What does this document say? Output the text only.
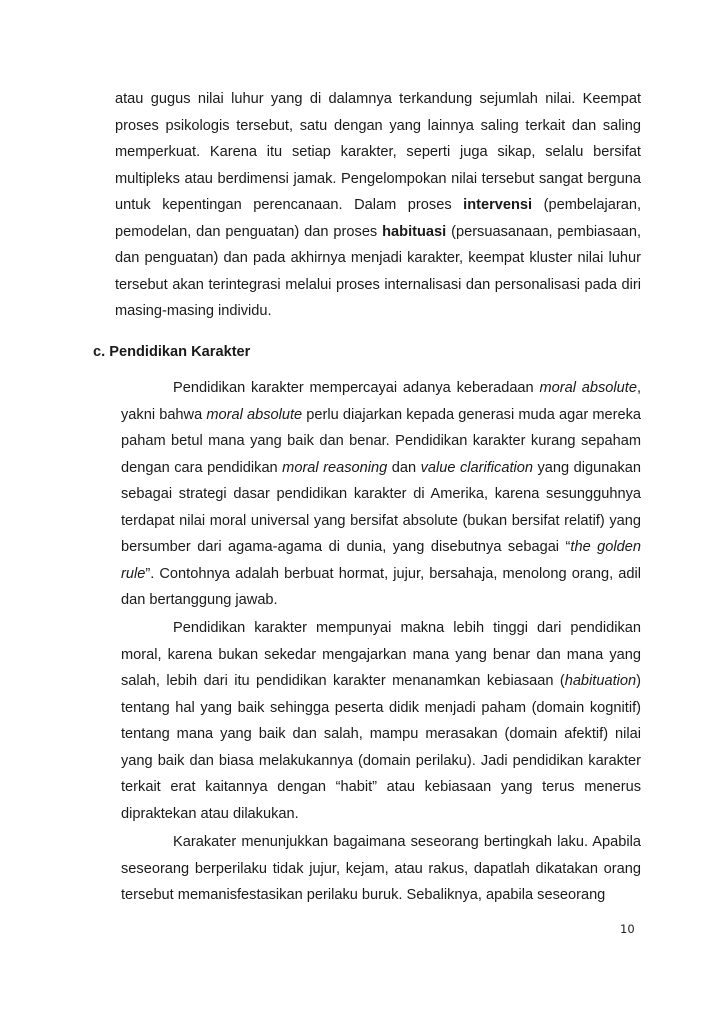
atau gugus nilai luhur yang di dalamnya terkandung sejumlah nilai. Keempat proses psikologis tersebut, satu dengan yang lainnya saling terkait dan saling memperkuat. Karena itu setiap karakter, seperti juga sikap, selalu bersifat multipleks atau berdimensi jamak. Pengelompokan nilai tersebut sangat berguna untuk kepentingan perencanaan. Dalam proses intervensi (pembelajaran, pemodelan, dan penguatan) dan proses habituasi (persuasanaan, pembiasaan, dan penguatan) dan pada akhirnya menjadi karakter, keempat kluster nilai luhur tersebut akan terintegrasi melalui proses internalisasi dan personalisasi pada diri masing-masing individu.

c. Pendidikan Karakter

Pendidikan karakter mempercayai adanya keberadaan moral absolute, yakni bahwa moral absolute perlu diajarkan kepada generasi muda agar mereka paham betul mana yang baik dan benar. Pendidikan karakter kurang sepaham dengan cara pendidikan moral reasoning dan value clarification yang digunakan sebagai strategi dasar pendidikan karakter di Amerika, karena sesungguhnya terdapat nilai moral universal yang bersifat absolute (bukan bersifat relatif) yang bersumber dari agama-agama di dunia, yang disebutnya sebagai “the golden rule”. Contohnya adalah berbuat hormat, jujur, bersahaja, menolong orang, adil dan bertanggung jawab.

Pendidikan karakter mempunyai makna lebih tinggi dari pendidikan moral, karena bukan sekedar mengajarkan mana yang benar dan mana yang salah, lebih dari itu pendidikan karakter menanamkan kebiasaan (habituation) tentang hal yang baik sehingga peserta didik menjadi paham (domain kognitif) tentang mana yang baik dan salah, mampu merasakan (domain afektif) nilai yang baik dan biasa melakukannya (domain perilaku). Jadi pendidikan karakter terkait erat kaitannya dengan “habit” atau kebiasaan yang terus menerus dipraktekan atau dilakukan.

Karakater menunjukkan bagaimana seseorang bertingkah laku. Apabila seseorang berperilaku tidak jujur, kejam, atau rakus, dapatlah dikatakan orang tersebut memanisfestasikan perilaku buruk. Sebaliknya, apabila seseorang

10
